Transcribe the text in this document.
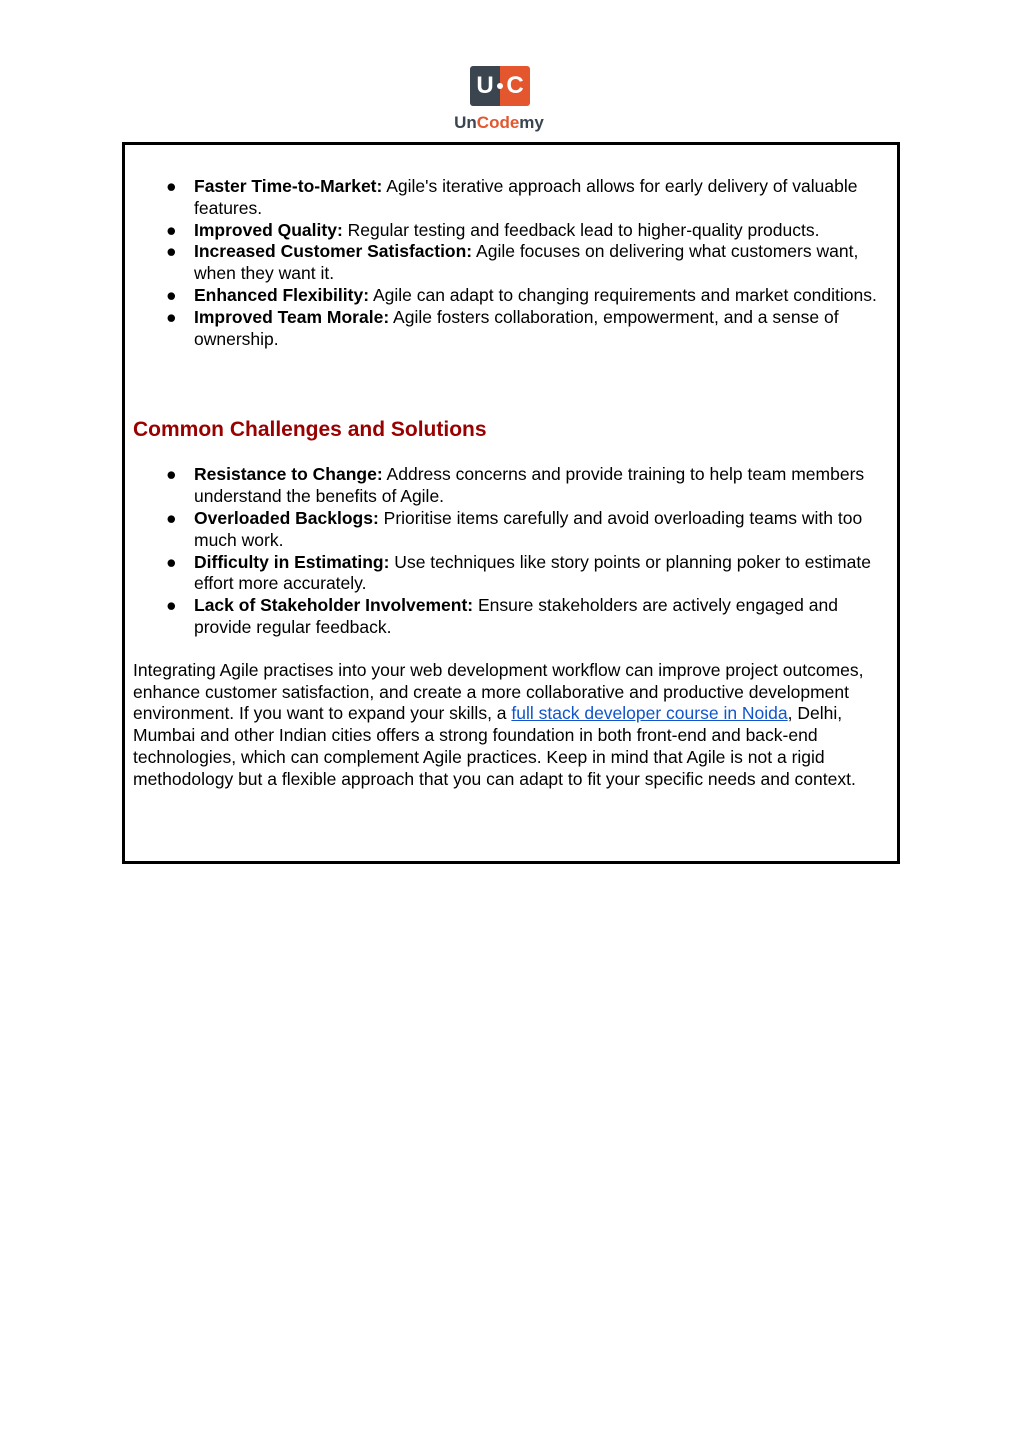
U C
UnCodemy
● Faster Time-to-Market: Agile's iterative approach allows for early delivery of valuable features.
● Improved Quality: Regular testing and feedback lead to higher-quality products.
● Increased Customer Satisfaction: Agile focuses on delivering what customers want, when they want it.
● Enhanced Flexibility: Agile can adapt to changing requirements and market conditions.
● Improved Team Morale: Agile fosters collaboration, empowerment, and a sense of ownership.
Common Challenges and Solutions
● Resistance to Change: Address concerns and provide training to help team members understand the benefits of Agile.
● Overloaded Backlogs: Prioritise items carefully and avoid overloading teams with too much work.
● Difficulty in Estimating: Use techniques like story points or planning poker to estimate effort more accurately.
● Lack of Stakeholder Involvement: Ensure stakeholders are actively engaged and provide regular feedback.

Integrating Agile practises into your web development workflow can improve project outcomes, enhance customer satisfaction, and create a more collaborative and productive development environment. If you want to expand your skills, a full stack developer course in Noida, Delhi, Mumbai and other Indian cities offers a strong foundation in both front-end and back-end technologies, which can complement Agile practices. Keep in mind that Agile is not a rigid methodology but a flexible approach that you can adapt to fit your specific needs and context.
